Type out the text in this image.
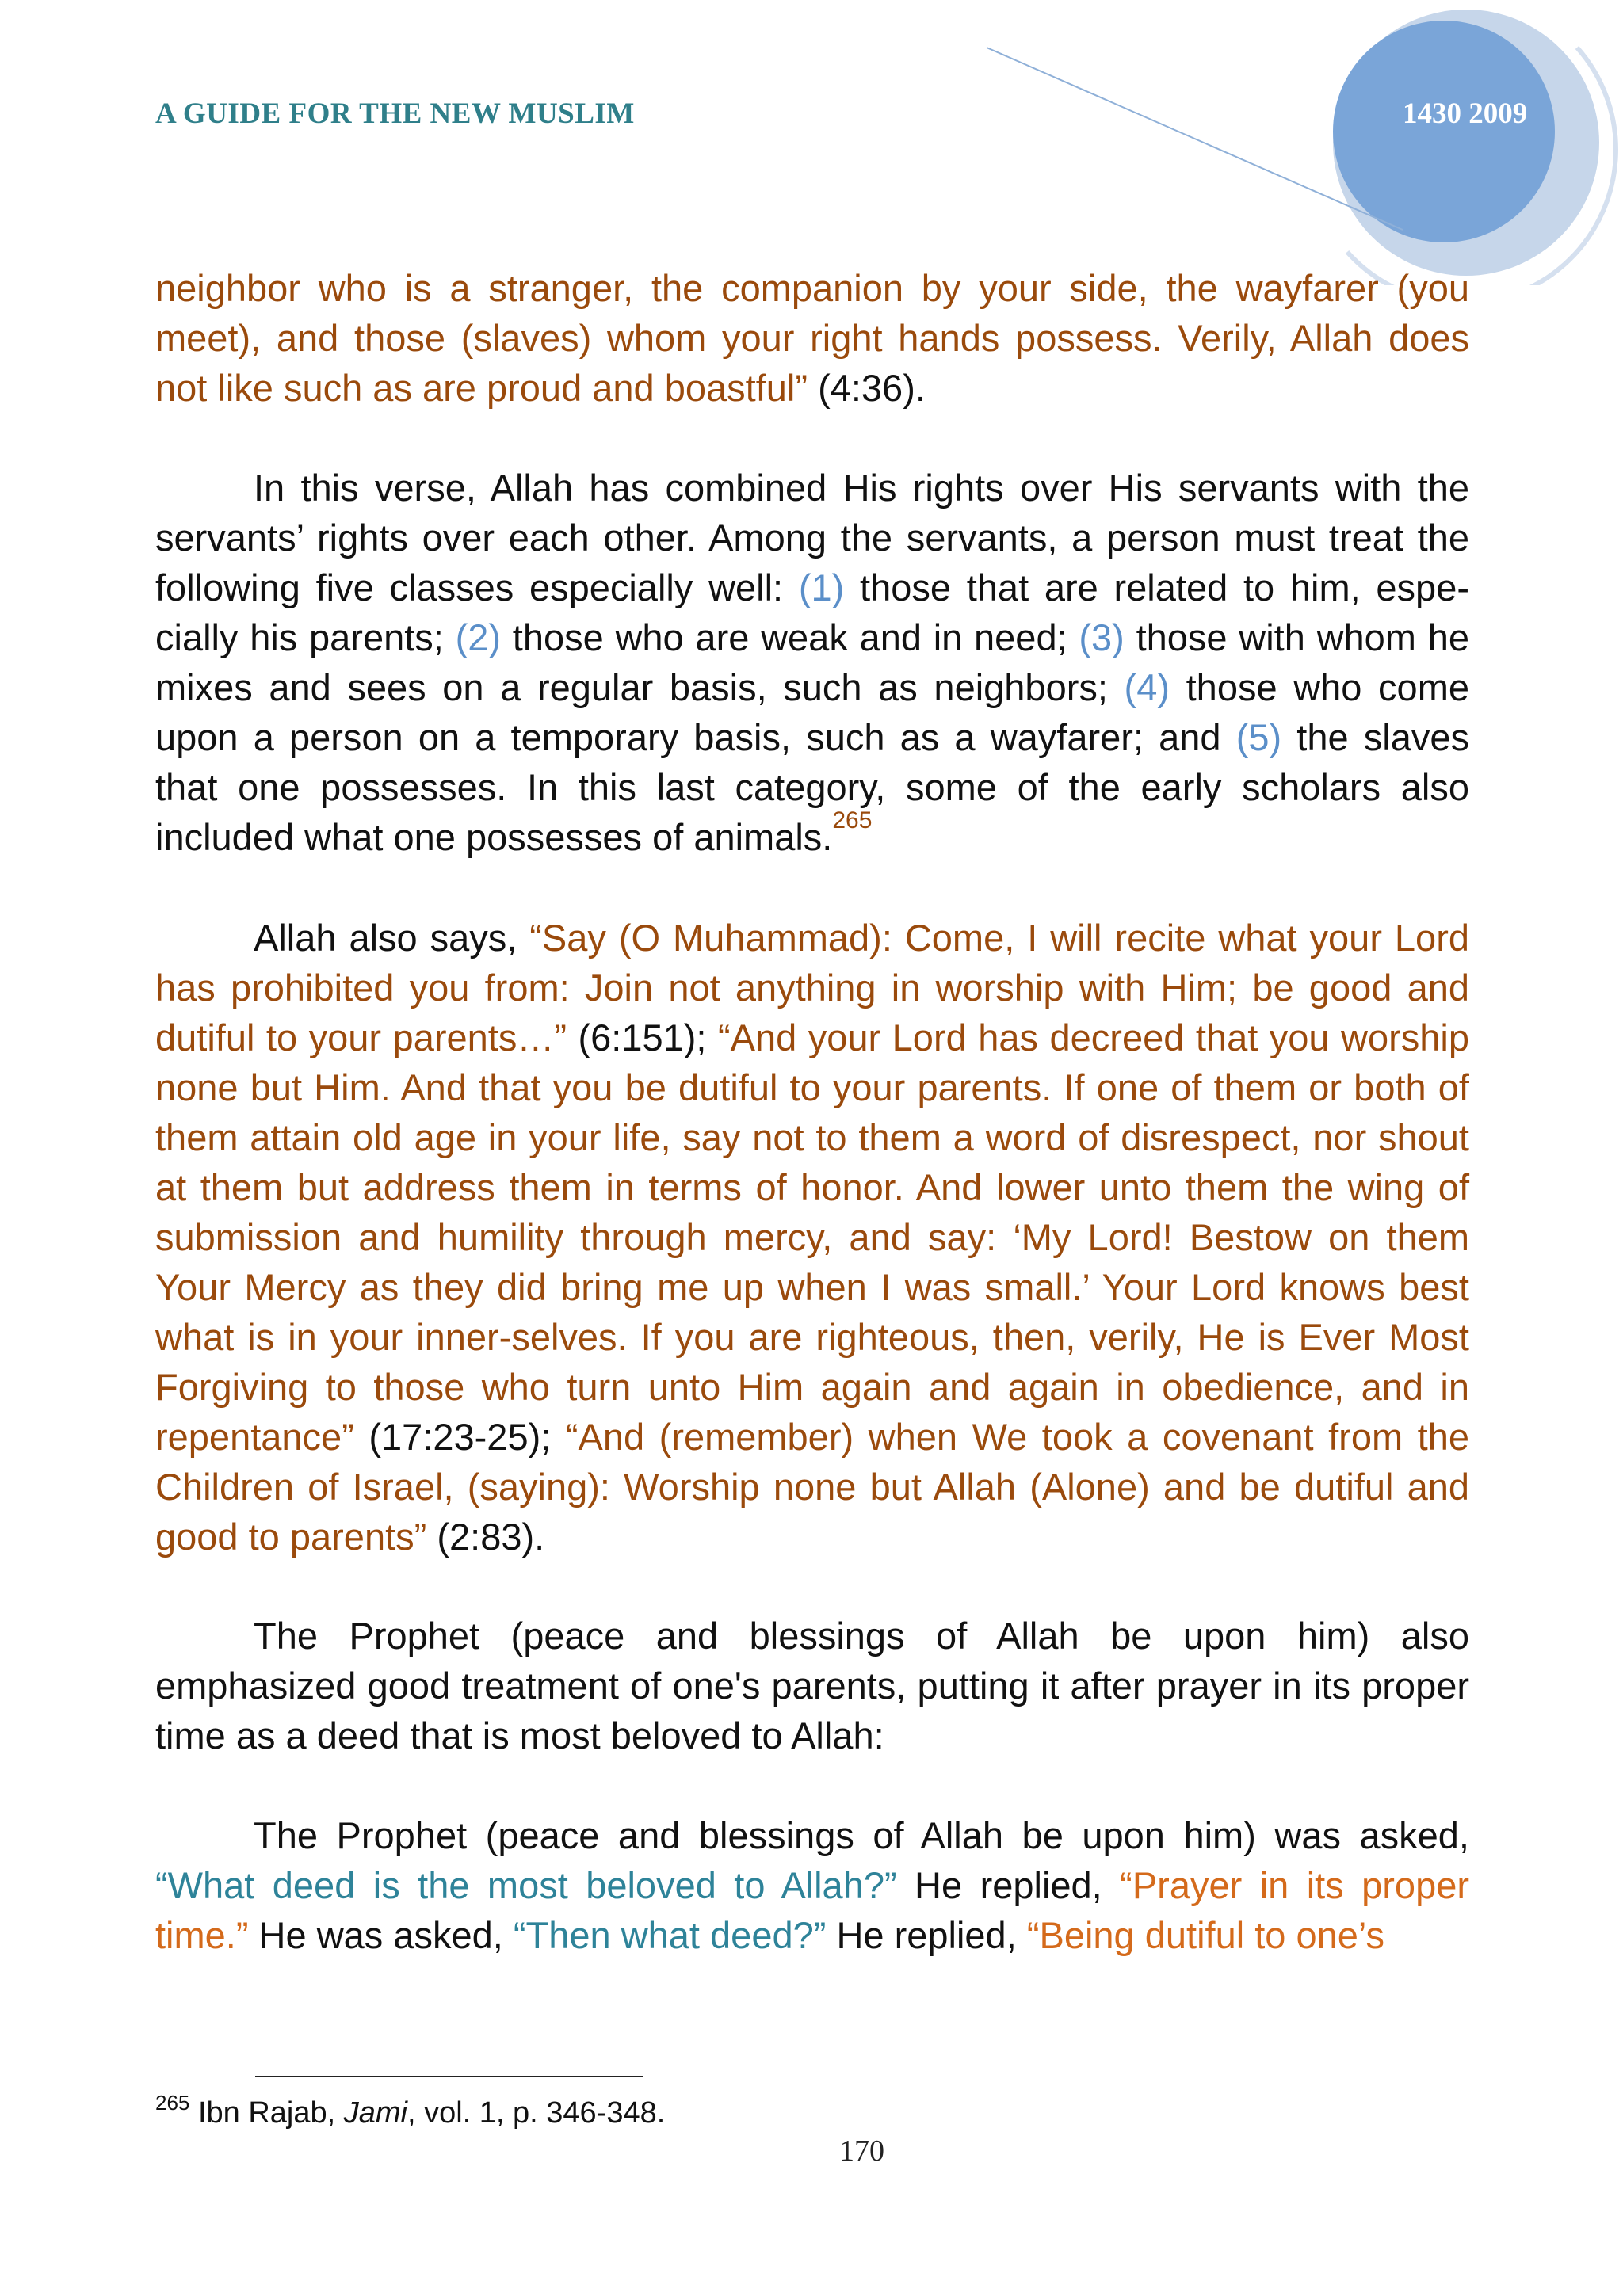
A GUIDE FOR THE NEW MUSLIM	1430 2009

neighbor who is a stranger, the companion by your side, the wayfarer (you meet), and those (slaves) whom your right hands possess. Verily, Allah does not like such as are proud and boastful” (4:36).

In this verse, Allah has combined His rights over His servants with the servants’ rights over each other. Among the servants, a person must treat the following five classes especially well: (1) those that are related to him, especially his parents; (2) those who are weak and in need; (3) those with whom he mixes and sees on a regular basis, such as neighbors; (4) those who come upon a person on a temporary basis, such as a wayfarer; and (5) the slaves that one possesses. In this last category, some of the early scholars also included what one possesses of animals.$^{265}$

Allah also says, “Say (O Muhammad): Come, I will recite what your Lord has prohibited you from: Join not anything in worship with Him; be good and dutiful to your parents…” (6:151); “And your Lord has decreed that you worship none but Him. And that you be dutiful to your parents. If one of them or both of them attain old age in your life, say not to them a word of disrespect, nor shout at them but address them in terms of honor. And lower unto them the wing of submission and humility through mercy, and say: ‘My Lord! Bestow on them Your Mercy as they did bring me up when I was small.’ Your Lord knows best what is in your inner-selves. If you are righteous, then, verily, He is Ever Most Forgiving to those who turn unto Him again and again in obedience, and in repentance” (17:23-25); “And (remember) when We took a covenant from the Children of Israel, (saying): Worship none but Allah (Alone) and be dutiful and good to parents” (2:83).

The Prophet (peace and blessings of Allah be upon him) also emphasized good treatment of one's parents, putting it after prayer in its proper time as a deed that is most beloved to Allah:

The Prophet (peace and blessings of Allah be upon him) was asked, “What deed is the most beloved to Allah?” He replied, “Prayer in its proper time.” He was asked, “Then what deed?” He replied, “Being dutiful to one’s

$^{265}$ Ibn Rajab, Jami, vol. 1, p. 346-348.

170
